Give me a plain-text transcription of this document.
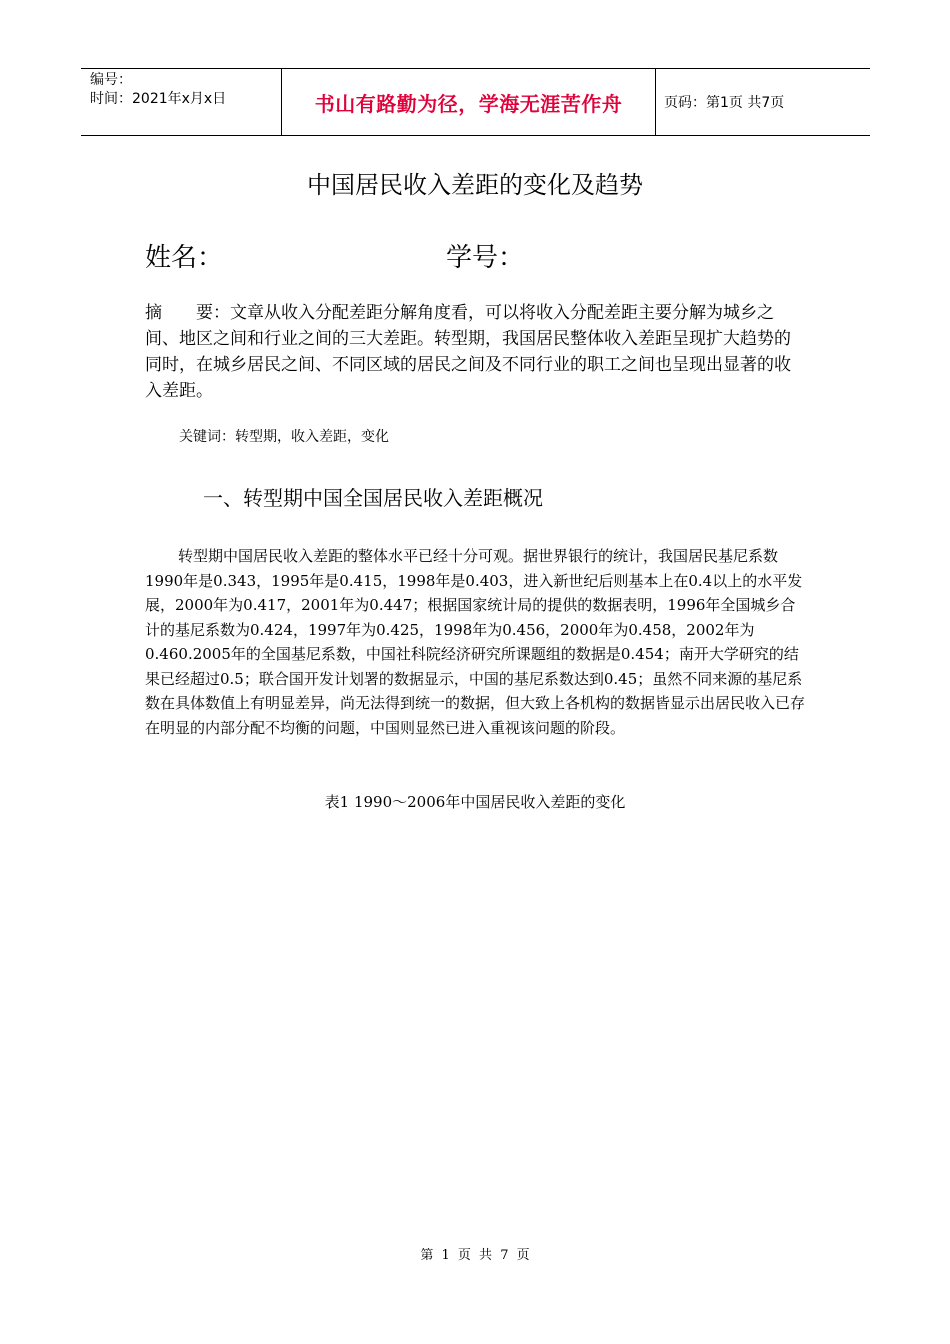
编号：
时间：2021年x月x日	书山有路勤为径，学海无涯苦作舟	页码：第1页 共7页
中国居民收入差距的变化及趋势
姓名：	学号：
摘　　要：文章从收入分配差距分解角度看，可以将收入分配差距主要分解为城乡之间、地区之间和行业之间的三大差距。转型期，我国居民整体收入差距呈现扩大趋势的同时，在城乡居民之间、不同区域的居民之间及不同行业的职工之间也呈现出显著的收入差距。
关键词：转型期，收入差距，变化
一、转型期中国全国居民收入差距概况
转型期中国居民收入差距的整体水平已经十分可观。据世界银行的统计，我国居民基尼系数1990年是0.343，1995年是0.415，1998年是0.403，进入新世纪后则基本上在0.4以上的水平发展，2000年为0.417，2001年为0.447；根据国家统计局的提供的数据表明，1996年全国城乡合计的基尼系数为0.424，1997年为0.425，1998年为0.456，2000年为0.458，2002年为0.460.2005年的全国基尼系数，中国社科院经济研究所课题组的数据是0.454；南开大学研究的结果已经超过0.5；联合国开发计划署的数据显示，中国的基尼系数达到0.45；虽然不同来源的基尼系数在具体数值上有明显差异，尚无法得到统一的数据，但大致上各机构的数据皆显示出居民收入已存在明显的内部分配不均衡的问题，中国则显然已进入重视该问题的阶段。
表1 1990～2006年中国居民收入差距的变化
第 1 页 共 7 页
